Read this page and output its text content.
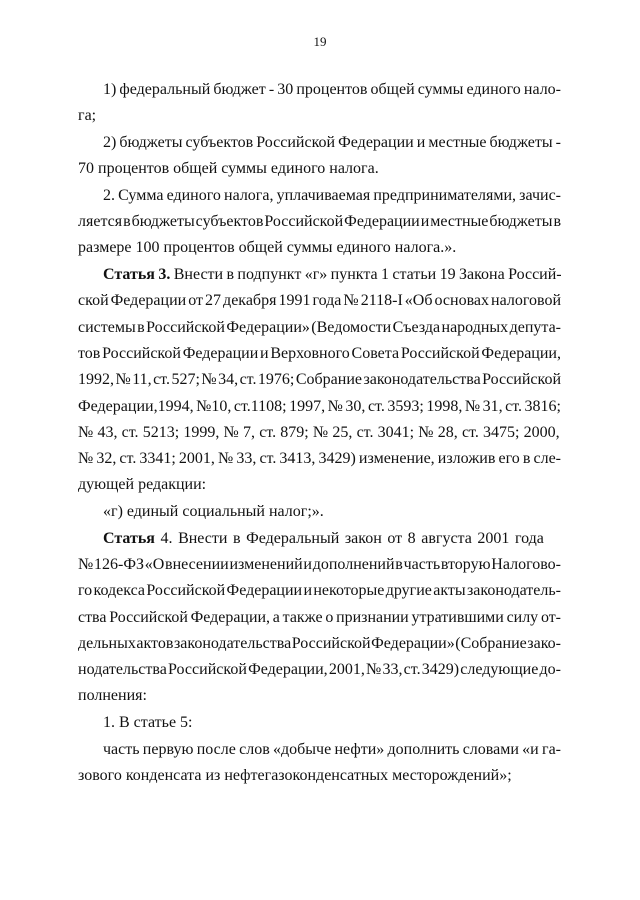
19
1) федеральный бюджет - 30 процентов общей суммы единого нало-
га;
2) бюджеты субъектов Российской Федерации и местные бюджеты -
70 процентов общей суммы единого налога.
2. Сумма единого налога, уплачиваемая предпринимателями, зачис-
ляется в бюджеты субъектов Российской Федерации и местные бюджеты в
размере 100 процентов общей суммы единого налога.».
Статья 3. Внести в подпункт «г» пункта 1 статьи 19 Закона Россий-
ской Федерации от 27 декабря 1991 года № 2118-I «Об основах налоговой
системы в Российской Федерации» (Ведомости Съезда народных депута-
тов Российской Федерации и Верховного Совета Российской Федерации,
1992, № 11, ст. 527; № 34, ст. 1976; Собрание законодательства Российской
Федерации,1994, №10, ст.1108; 1997, № 30, ст. 3593; 1998, № 31, ст. 3816;
№ 43, ст. 5213; 1999, № 7, ст. 879; № 25, ст. 3041; № 28, ст. 3475; 2000,
№ 32, ст. 3341; 2001, № 33, ст. 3413, 3429) изменение, изложив его в сле-
дующей редакции:
«г) единый социальный налог;».
Статья 4. Внести в Федеральный закон от 8 августа 2001 года
№ 126-ФЗ «О внесении изменений и дополнений в часть вторую Налогово-
го кодекса Российской Федерации и некоторые другие акты законодатель-
ства Российской Федерации, а также о признании утратившими силу от-
дельных актов законодательства Российской Федерации» (Собрание зако-
нодательства Российской Федерации, 2001, № 33, ст. 3429) следующие до-
полнения:
1. В статье 5:
часть первую после слов «добыче нефти» дополнить словами «и га-
зового конденсата из нефтегазоконденсатных месторождений»;
